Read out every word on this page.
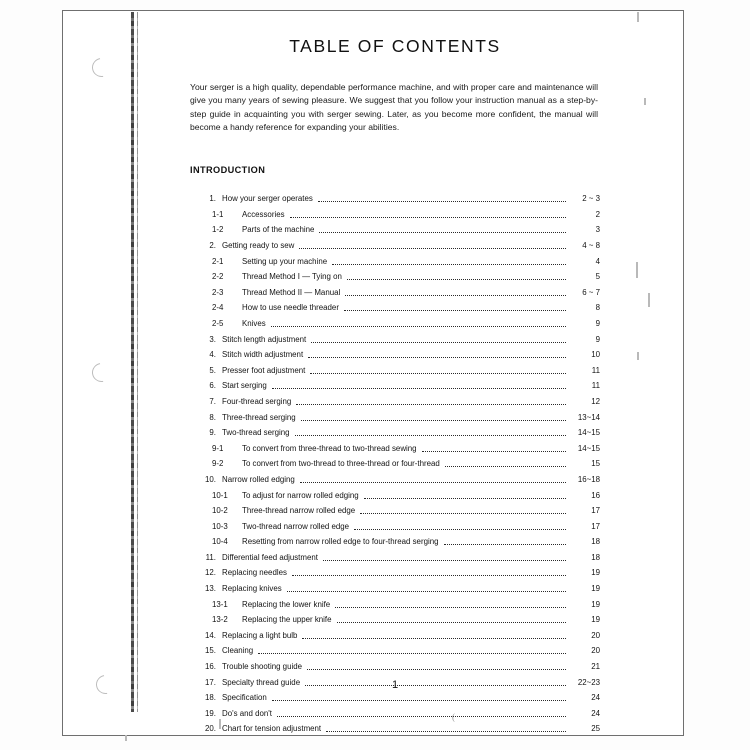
(
TABLE OF CONTENTS

Your serger is a high quality, dependable performance machine, and with proper care and maintenance will give you many years of sewing pleasure. We suggest that you follow your instruction manual as a step-by-step guide in acquainting you with serger sewing. Later, as you become more confident, the manual will become a handy reference for expanding your abilities.

INTRODUCTION
1. How your serger operates	2 ~ 3
1-1	Accessories	2
1-2	Parts of the machine	3
2. Getting ready to sew	4 ~ 8
2-1	Setting up your machine	4
2-2	Thread Method I — Tying on	5
2-3	Thread Method II — Manual	6 ~ 7
2-4	How to use needle threader	8
2-5	Knives	9
3. Stitch length adjustment	9
4. Stitch width adjustment	10
5. Presser foot adjustment	11
6. Start serging	11
7. Four-thread serging	12
8. Three-thread serging	13~14
9. Two-thread serging	14~15
9-1	To convert from three-thread to two-thread sewing	14~15
9-2	To convert from two-thread to three-thread or four-thread	15
10. Narrow rolled edging	16~18
10-1	To adjust for narrow rolled edging	16
10-2	Three-thread narrow rolled edge	17
10-3	Two-thread narrow rolled edge	17
10-4	Resetting from narrow rolled edge to four-thread serging	18
11. Differential feed adjustment	18
12. Replacing needles	19
13. Replacing knives	19
13-1	Replacing the lower knife	19
13-2	Replacing the upper knife	19
14. Replacing a light bulb	20
15. Cleaning	20
16. Trouble shooting guide	21
17. Specialty thread guide	22~23
18. Specification	24
19. Do's and don't	24
20. Chart for tension adjustment	25
1
